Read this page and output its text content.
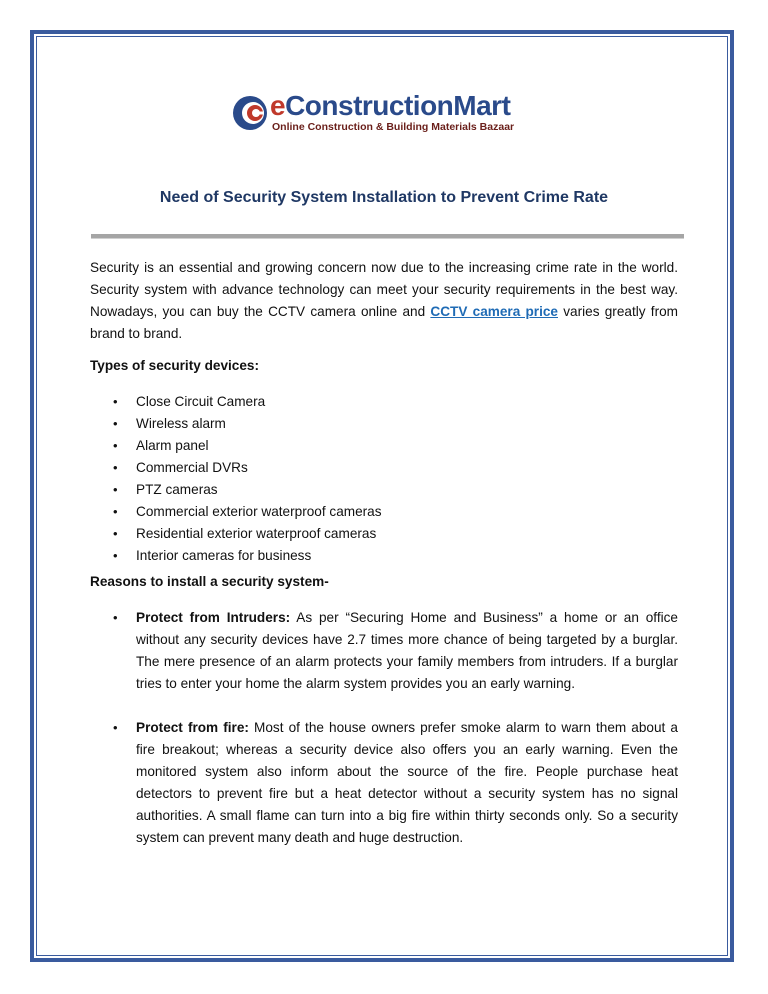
eConstructionMart
Online Construction & Building Materials Bazaar
Need of Security System Installation to Prevent Crime Rate

Security is an essential and growing concern now due to the increasing crime rate in the world. Security system with advance technology can meet your security requirements in the best way. Nowadays, you can buy the CCTV camera online and CCTV camera price varies greatly from brand to brand.

Types of security devices:

• Close Circuit Camera
• Wireless alarm
• Alarm panel
• Commercial DVRs
• PTZ cameras
• Commercial exterior waterproof cameras
• Residential exterior waterproof cameras
• Interior cameras for business

Reasons to install a security system-

• Protect from Intruders: As per “Securing Home and Business” a home or an office without any security devices have 2.7 times more chance of being targeted by a burglar. The mere presence of an alarm protects your family members from intruders. If a burglar tries to enter your home the alarm system provides you an early warning.
• Protect from fire: Most of the house owners prefer smoke alarm to warn them about a fire breakout; whereas a security device also offers you an early warning. Even the monitored system also inform about the source of the fire. People purchase heat detectors to prevent fire but a heat detector without a security system has no signal authorities. A small flame can turn into a big fire within thirty seconds only. So a security system can prevent many death and huge destruction.
